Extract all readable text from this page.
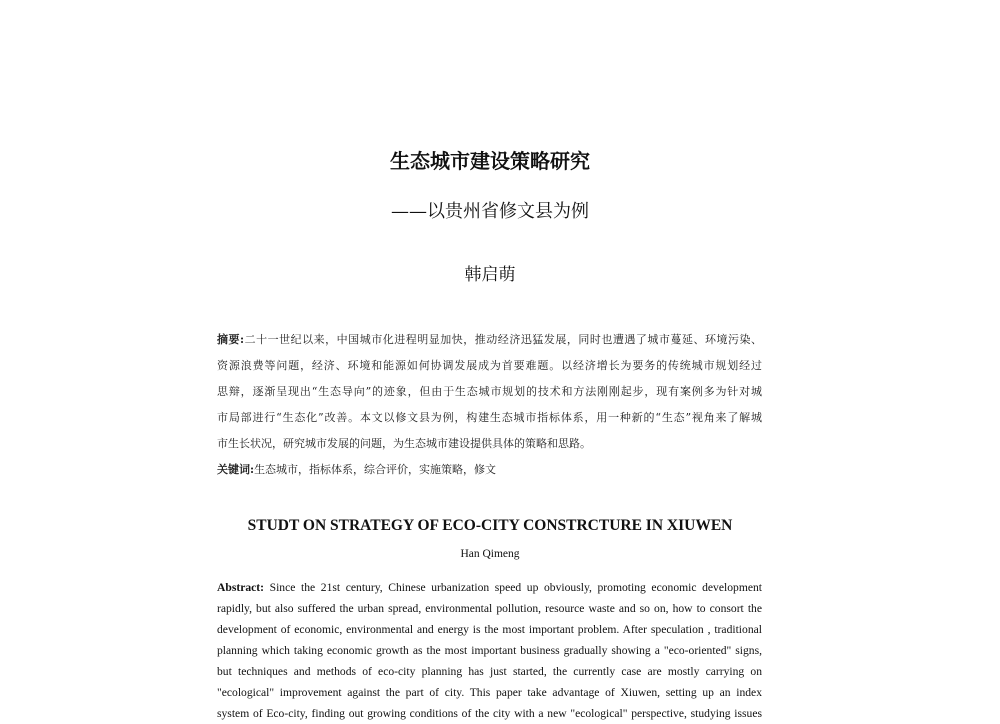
生态城市建设策略研究
——以贵州省修文县为例
韩启萌
摘要:二十一世纪以来，中国城市化进程明显加快，推动经济迅猛发展，同时也遭遇了城市蔓延、环境污染、
资源浪费等问题，经济、环境和能源如何协调发展成为首要难题。以经济增长为要务的传统城市规划经过
思辩，逐渐呈现出“生态导向”的迹象，但由于生态城市规划的技术和方法刚刚起步，现有案例多为针对城
市局部进行“生态化”改善。本文以修文县为例，构建生态城市指标体系，用一种新的“生态”视角来了解城
市生长状况，研究城市发展的问题，为生态城市建设提供具体的策略和思路。
关键词:生态城市，指标体系，综合评价，实施策略，修文
STUDT ON STRATEGY OF ECO-CITY CONSTRCTURE IN XIUWEN
Han Qimeng
Abstract: Since the 21st century, Chinese urbanization speed up obviously, promoting economic development
rapidly, but also suffered the urban spread, environmental pollution, resource waste and so on, how to consort the
development of economic, environmental and energy is the most important problem. After speculation , traditional
planning which taking economic growth as the most important business gradually showing a "eco-oriented" signs,
but techniques and methods of eco-city planning has just started, the currently case are mostly carrying on
"ecological" improvement against the part of city. This paper take advantage of Xiuwen, setting up an index
system of Eco-city, finding out growing conditions of the city with a new "ecological" perspective, studying issues
